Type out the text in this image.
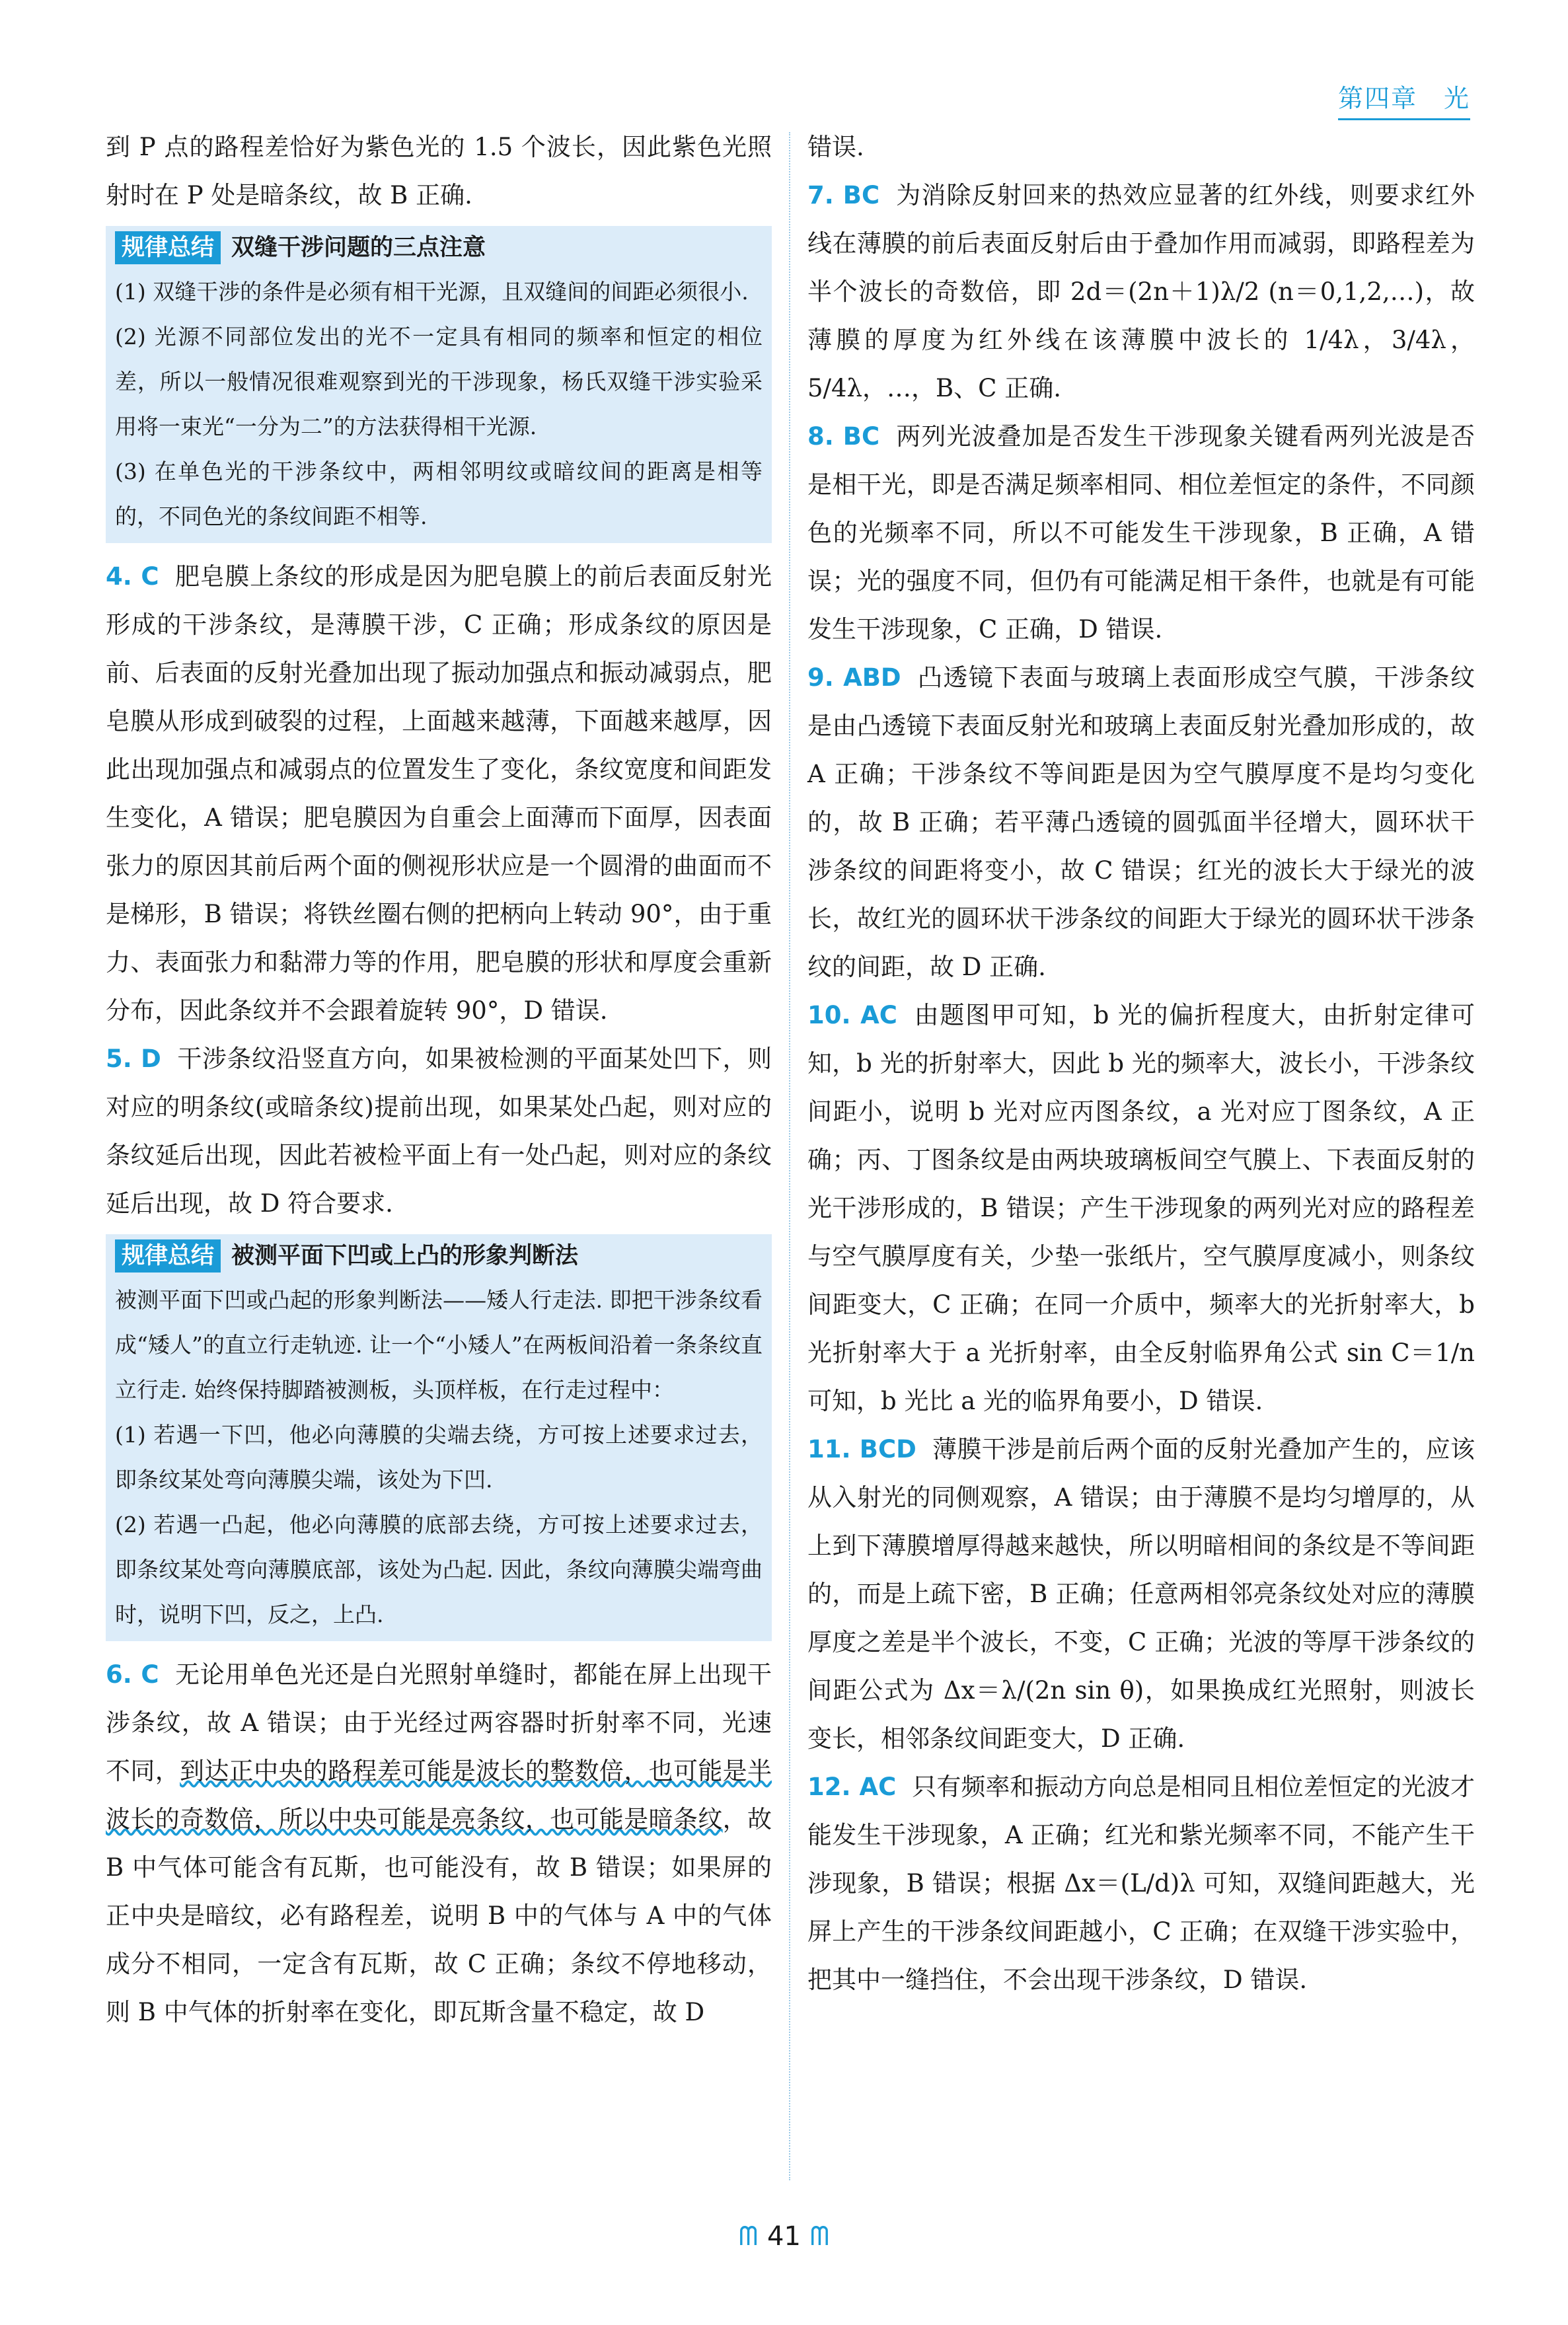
第四章　光

到 P 点的路程差恰好为紫色光的 1.5 个波长，因此紫色光照射时在 P 处是暗条纹，故 B 正确.

规律总结 双缝干涉问题的三点注意

(1) 双缝干涉的条件是必须有相干光源，且双缝间的间距必须很小.

(2) 光源不同部位发出的光不一定具有相同的频率和恒定的相位差，所以一般情况很难观察到光的干涉现象，杨氏双缝干涉实验采用将一束光“一分为二”的方法获得相干光源.

(3) 在单色光的干涉条纹中，两相邻明纹或暗纹间的距离是相等的，不同色光的条纹间距不相等.

4. C 肥皂膜上条纹的形成是因为肥皂膜上的前后表面反射光形成的干涉条纹，是薄膜干涉，C 正确；形成条纹的原因是前、后表面的反射光叠加出现了振动加强点和振动减弱点，肥皂膜从形成到破裂的过程，上面越来越薄，下面越来越厚，因此出现加强点和减弱点的位置发生了变化，条纹宽度和间距发生变化，A 错误；肥皂膜因为自重会上面薄而下面厚，因表面张力的原因其前后两个面的侧视形状应是一个圆滑的曲面而不是梯形，B 错误；将铁丝圈右侧的把柄向上转动 90°，由于重力、表面张力和黏滞力等的作用，肥皂膜的形状和厚度会重新分布，因此条纹并不会跟着旋转 90°，D 错误.

5. D 干涉条纹沿竖直方向，如果被检测的平面某处凹下，则对应的明条纹(或暗条纹)提前出现，如果某处凸起，则对应的条纹延后出现，因此若被检平面上有一处凸起，则对应的条纹延后出现，故 D 符合要求.

规律总结 被测平面下凹或上凸的形象判断法

被测平面下凹或凸起的形象判断法——矮人行走法. 即把干涉条纹看成“矮人”的直立行走轨迹. 让一个“小矮人”在两板间沿着一条条纹直立行走. 始终保持脚踏被测板，头顶样板，在行走过程中：

(1) 若遇一下凹，他必向薄膜的尖端去绕，方可按上述要求过去，即条纹某处弯向薄膜尖端，该处为下凹.

(2) 若遇一凸起，他必向薄膜的底部去绕，方可按上述要求过去，即条纹某处弯向薄膜底部，该处为凸起. 因此，条纹向薄膜尖端弯曲时，说明下凹，反之，上凸.

6. C 无论用单色光还是白光照射单缝时，都能在屏上出现干涉条纹，故 A 错误；由于光经过两容器时折射率不同，光速不同，到达正中央的路程差可能是波长的整数倍，也可能是半波长的奇数倍，所以中央可能是亮条纹，也可能是暗条纹，故 B 中气体可能含有瓦斯，也可能没有，故 B 错误；如果屏的正中央是暗纹，必有路程差，说明 B 中的气体与 A 中的气体成分不相同，一定含有瓦斯，故 C 正确；条纹不停地移动，则 B 中气体的折射率在变化，即瓦斯含量不稳定，故 D

错误.

7. BC 为消除反射回来的热效应显著的红外线，则要求红外线在薄膜的前后表面反射后由于叠加作用而减弱，即路程差为半个波长的奇数倍，即 2d＝(2n＋1)λ/2 (n＝0,1,2,…)，故薄膜的厚度为红外线在该薄膜中波长的 1/4λ，3/4λ，5/4λ，…，B、C 正确.

8. BC 两列光波叠加是否发生干涉现象关键看两列光波是否是相干光，即是否满足频率相同、相位差恒定的条件，不同颜色的光频率不同，所以不可能发生干涉现象，B 正确，A 错误；光的强度不同，但仍有可能满足相干条件，也就是有可能发生干涉现象，C 正确，D 错误.

9. ABD 凸透镜下表面与玻璃上表面形成空气膜，干涉条纹是由凸透镜下表面反射光和玻璃上表面反射光叠加形成的，故 A 正确；干涉条纹不等间距是因为空气膜厚度不是均匀变化的，故 B 正确；若平薄凸透镜的圆弧面半径增大，圆环状干涉条纹的间距将变小，故 C 错误；红光的波长大于绿光的波长，故红光的圆环状干涉条纹的间距大于绿光的圆环状干涉条纹的间距，故 D 正确.

10. AC 由题图甲可知，b 光的偏折程度大，由折射定律可知，b 光的折射率大，因此 b 光的频率大，波长小，干涉条纹间距小，说明 b 光对应丙图条纹，a 光对应丁图条纹，A 正确；丙、丁图条纹是由两块玻璃板间空气膜上、下表面反射的光干涉形成的，B 错误；产生干涉现象的两列光对应的路程差与空气膜厚度有关，少垫一张纸片，空气膜厚度减小，则条纹间距变大，C 正确；在同一介质中，频率大的光折射率大，b 光折射率大于 a 光折射率，由全反射临界角公式 sin C＝1/n 可知，b 光比 a 光的临界角要小，D 错误.

11. BCD 薄膜干涉是前后两个面的反射光叠加产生的，应该从入射光的同侧观察，A 错误；由于薄膜不是均匀增厚的，从上到下薄膜增厚得越来越快，所以明暗相间的条纹是不等间距的，而是上疏下密，B 正确；任意两相邻亮条纹处对应的薄膜厚度之差是半个波长，不变，C 正确；光波的等厚干涉条纹的间距公式为 Δx＝λ/(2n sin θ)，如果换成红光照射，则波长变长，相邻条纹间距变大，D 正确.

12. AC 只有频率和振动方向总是相同且相位差恒定的光波才能发生干涉现象，A 正确；红光和紫光频率不同，不能产生干涉现象，B 错误；根据 Δx＝(L/d)λ 可知，双缝间距越大，光屏上产生的干涉条纹间距越小，C 正确；在双缝干涉实验中，把其中一缝挡住，不会出现干涉条纹，D 错误.

ᗰ 41 ᗰ
